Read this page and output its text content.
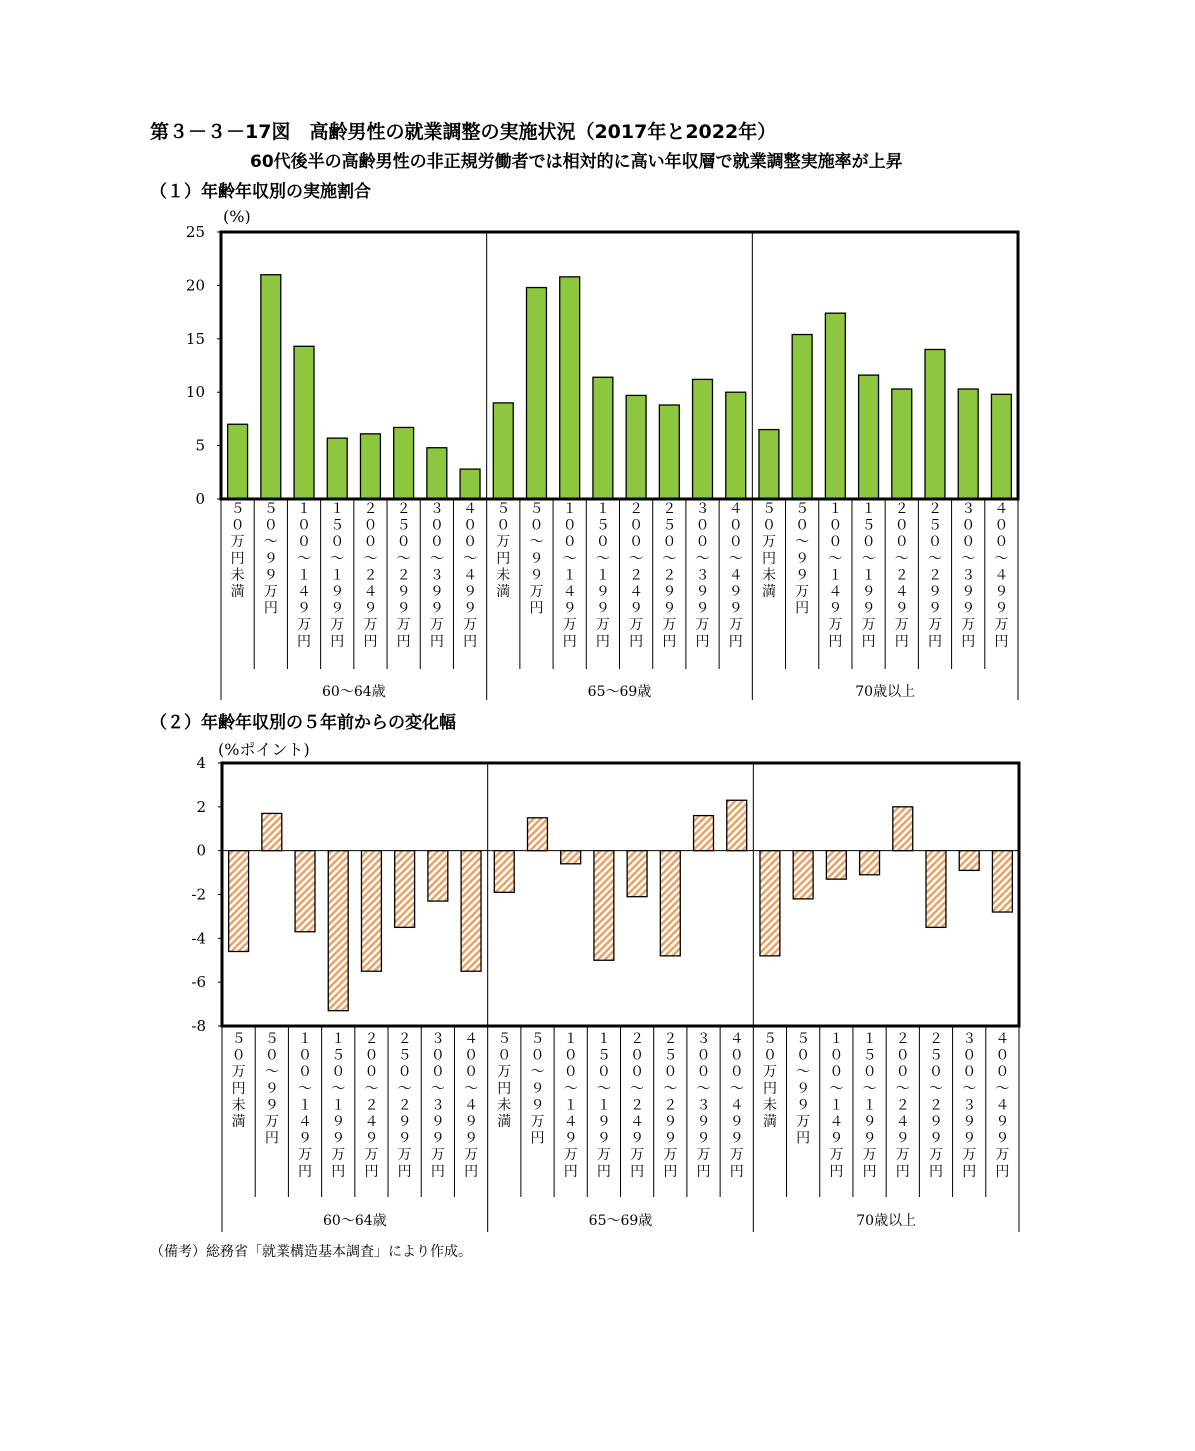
第３－３－17図　高齢男性の就業調整の実施状況（2017年と2022年）
60代後半の高齢男性の非正規労働者では相対的に高い年収層で就業調整実施率が上昇
（１）年齢年収別の実施割合
(%)
（２）年齢年収別の５年前からの変化幅
(%ポイント)
25
20
15
10
5
0
５０万円未満
５０～９９万円
１００～１４９万円
１５０～１９９万円
２００～２４９万円
２５０～２９９万円
３００～３９９万円
４００～４９９万円
５０万円未満
５０～９９万円
１００～１４９万円
１５０～１９９万円
２００～２４９万円
２５０～２９９万円
３００～３９９万円
４００～４９９万円
５０万円未満
５０～９９万円
１００～１４９万円
１５０～１９９万円
２００～２４９万円
２５０～２９９万円
３００～３９９万円
４００～４９９万円
60～64歳	65～69歳	70歳以上
4
2
0
-2
-4
-6
-8
５０万円未満
５０～９９万円
１００～１４９万円
１５０～１９９万円
２００～２４９万円
２５０～２９９万円
３００～３９９万円
４００～４９９万円
５０万円未満
５０～９９万円
１００～１４９万円
１５０～１９９万円
２００～２４９万円
２５０～２９９万円
３００～３９９万円
４００～４９９万円
５０万円未満
５０～９９万円
１００～１４９万円
１５０～１９９万円
２００～２４９万円
２５０～２９９万円
３００～３９９万円
４００～４９９万円
60～64歳	65～69歳	70歳以上
（備考）総務省「就業構造基本調査」により作成。
